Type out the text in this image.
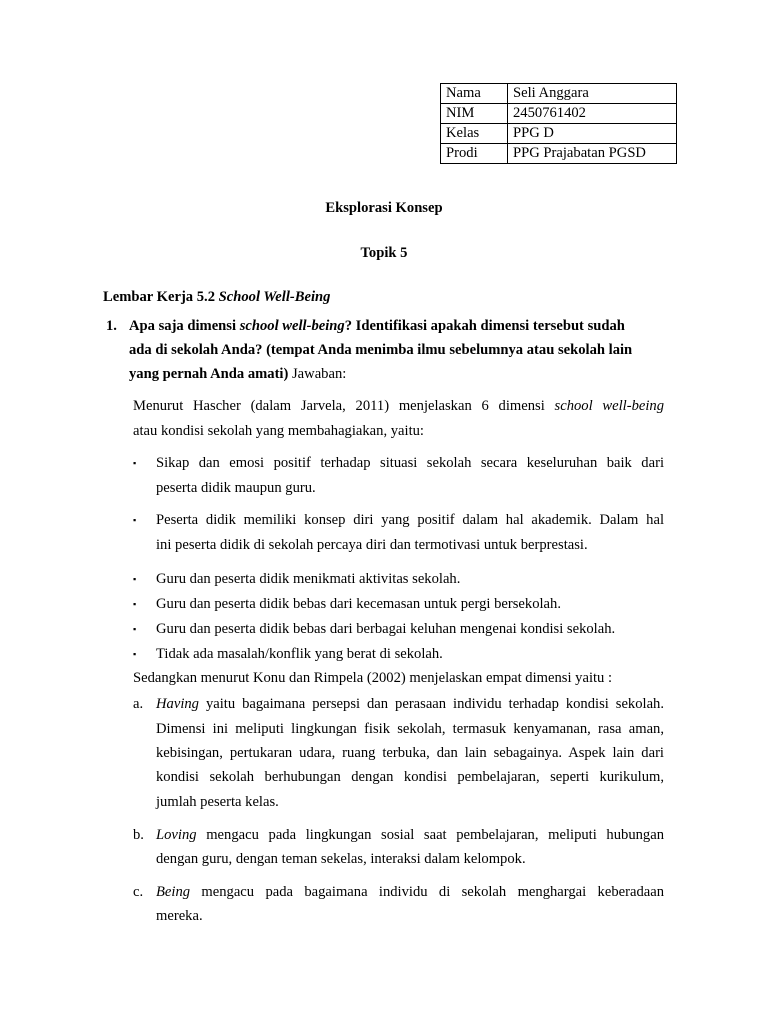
Nama	Seli Anggara
NIM	2450761402
Kelas	PPG D
Prodi	PPG Prajabatan PGSD
Eksplorasi Konsep
Topik 5
Lembar Kerja 5.2 School Well-Being
1. Apa saja dimensi school well-being? Identifikasi apakah dimensi tersebut sudah
ada di sekolah Anda? (tempat Anda menimba ilmu sebelumnya atau sekolah lain
yang pernah Anda amati) Jawaban:
Menurut Hascher (dalam Jarvela, 2011) menjelaskan 6 dimensi school well-being
atau kondisi sekolah yang membahagiakan, yaitu:
▪ Sikap dan emosi positif terhadap situasi sekolah secara keseluruhan baik dari
peserta didik maupun guru.
▪ Peserta didik memiliki konsep diri yang positif dalam hal akademik. Dalam hal
ini peserta didik di sekolah percaya diri dan termotivasi untuk berprestasi.
▪ Guru dan peserta didik menikmati aktivitas sekolah.
▪ Guru dan peserta didik bebas dari kecemasan untuk pergi bersekolah.
▪ Guru dan peserta didik bebas dari berbagai keluhan mengenai kondisi sekolah.
▪ Tidak ada masalah/konflik yang berat di sekolah.
Sedangkan menurut Konu dan Rimpela (2002) menjelaskan empat dimensi yaitu :
a. Having yaitu bagaimana persepsi dan perasaan individu terhadap kondisi sekolah.
Dimensi ini meliputi lingkungan fisik sekolah, termasuk kenyamanan, rasa aman,
kebisingan, pertukaran udara, ruang terbuka, dan lain sebagainya. Aspek lain dari
kondisi sekolah berhubungan dengan kondisi pembelajaran, seperti kurikulum,
jumlah peserta kelas.
b. Loving mengacu pada lingkungan sosial saat pembelajaran, meliputi hubungan
dengan guru, dengan teman sekelas, interaksi dalam kelompok.
c. Being mengacu pada bagaimana individu di sekolah menghargai keberadaan
mereka.
